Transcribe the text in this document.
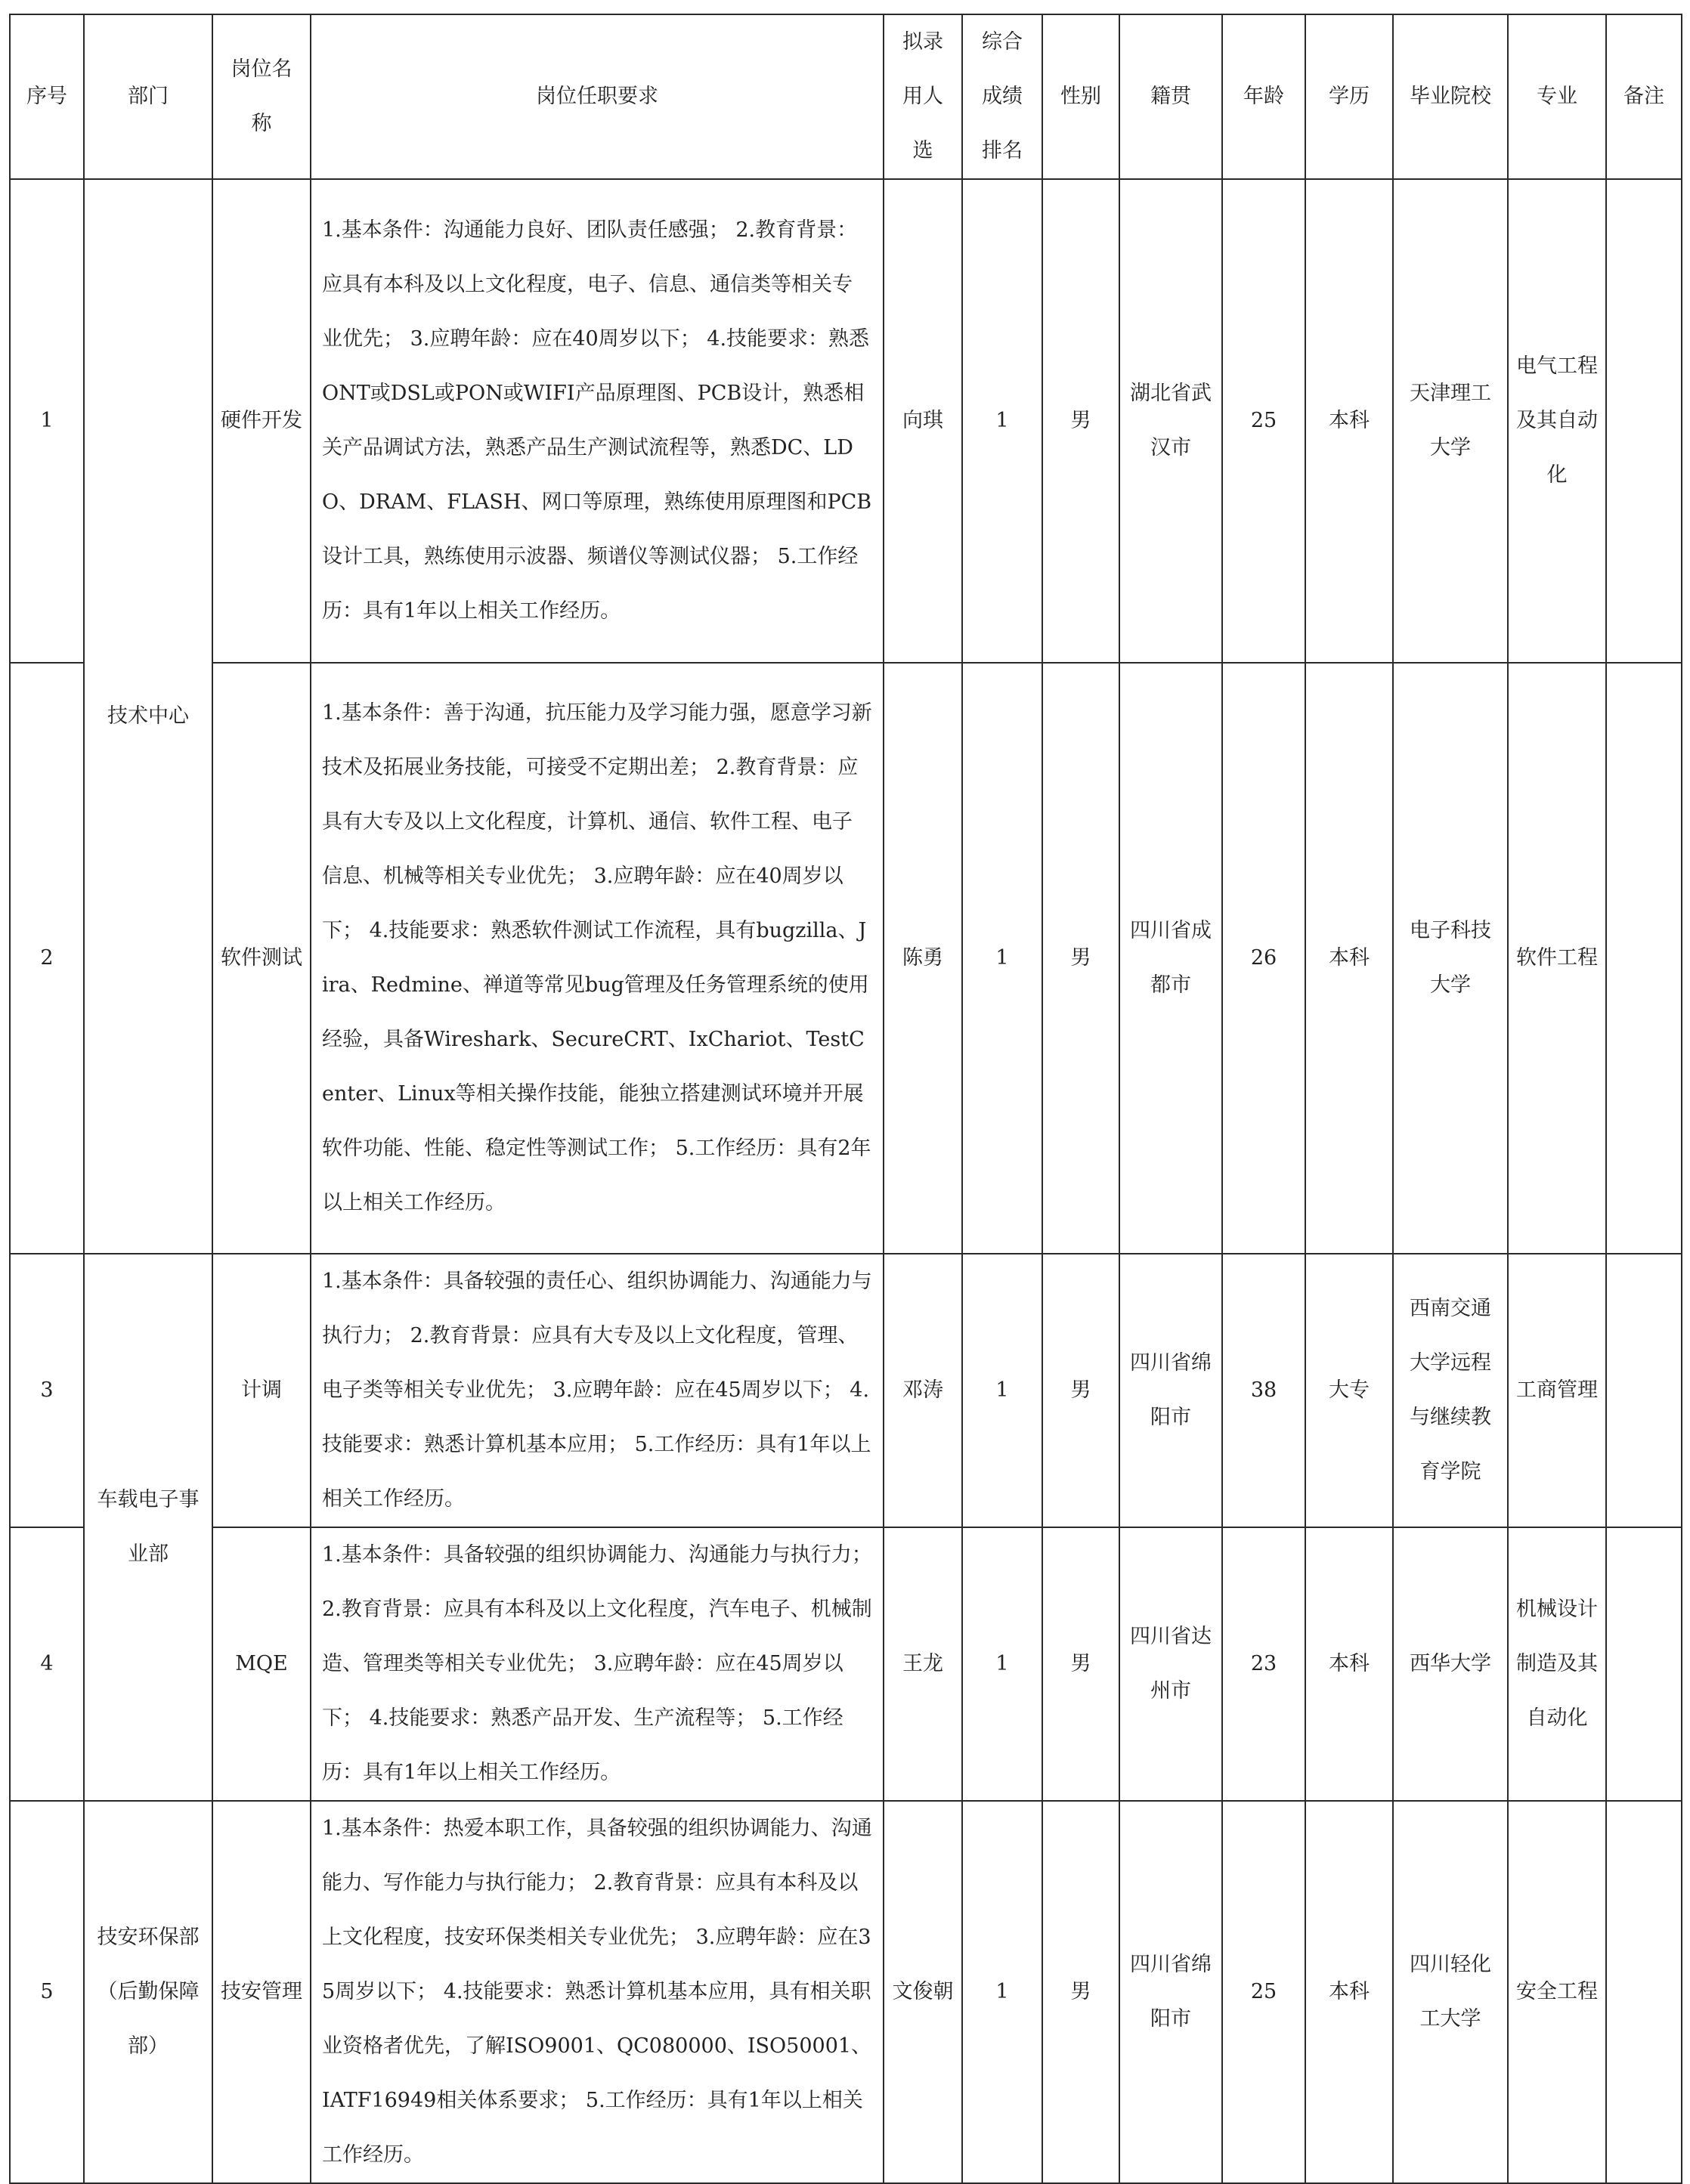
序号	部门	岗位名称	岗位任职要求	拟录用人选	综合成绩排名	性别	籍贯	年龄	学历	毕业院校	专业	备注
1	技术中心	硬件开发	1.基本条件：沟通能力良好、团队责任感强； 2.教育背景：应具有本科及以上文化程度，电子、信息、通信类等相关专业优先； 3.应聘年龄：应在40周岁以下； 4.技能要求：熟悉ONT或DSL或PON或WIFI产品原理图、PCB设计，熟悉相关产品调试方法，熟悉产品生产测试流程等，熟悉DC、LDO、DRAM、FLASH、网口等原理，熟练使用原理图和PCB设计工具，熟练使用示波器、频谱仪等测试仪器； 5.工作经历：具有1年以上相关工作经历。	向琪	1	男	湖北省武汉市	25	本科	天津理工大学	电气工程及其自动化	
2		软件测试	1.基本条件：善于沟通，抗压能力及学习能力强，愿意学习新技术及拓展业务技能，可接受不定期出差； 2.教育背景：应具有大专及以上文化程度，计算机、通信、软件工程、电子信息、机械等相关专业优先； 3.应聘年龄：应在40周岁以下； 4.技能要求：熟悉软件测试工作流程，具有bugzilla、Jira、Redmine、禅道等常见bug管理及任务管理系统的使用经验，具备Wireshark、SecureCRT、IxChariot、TestCenter、Linux等相关操作技能，能独立搭建测试环境并开展软件功能、性能、稳定性等测试工作； 5.工作经历：具有2年以上相关工作经历。	陈勇	1	男	四川省成都市	26	本科	电子科技大学	软件工程	
3	车载电子事业部	计调	1.基本条件：具备较强的责任心、组织协调能力、沟通能力与执行力； 2.教育背景：应具有大专及以上文化程度，管理、电子类等相关专业优先； 3.应聘年龄：应在45周岁以下； 4.技能要求：熟悉计算机基本应用； 5.工作经历：具有1年以上相关工作经历。	邓涛	1	男	四川省绵阳市	38	大专	西南交通大学远程与继续教育学院	工商管理	
4		MQE	1.基本条件：具备较强的组织协调能力、沟通能力与执行力； 2.教育背景：应具有本科及以上文化程度，汽车电子、机械制造、管理类等相关专业优先； 3.应聘年龄：应在45周岁以下； 4.技能要求：熟悉产品开发、生产流程等； 5.工作经历：具有1年以上相关工作经历。	王龙	1	男	四川省达州市	23	本科	西华大学	机械设计制造及其自动化	
5	技安环保部（后勤保障部）	技安管理	1.基本条件：热爱本职工作，具备较强的组织协调能力、沟通能力、写作能力与执行能力； 2.教育背景：应具有本科及以上文化程度，技安环保类相关专业优先； 3.应聘年龄：应在35周岁以下； 4.技能要求：熟悉计算机基本应用，具有相关职业资格者优先，了解ISO9001、QC080000、ISO50001、IATF16949相关体系要求； 5.工作经历：具有1年以上相关工作经历。	文俊朝	1	男	四川省绵阳市	25	本科	四川轻化工大学	安全工程	
